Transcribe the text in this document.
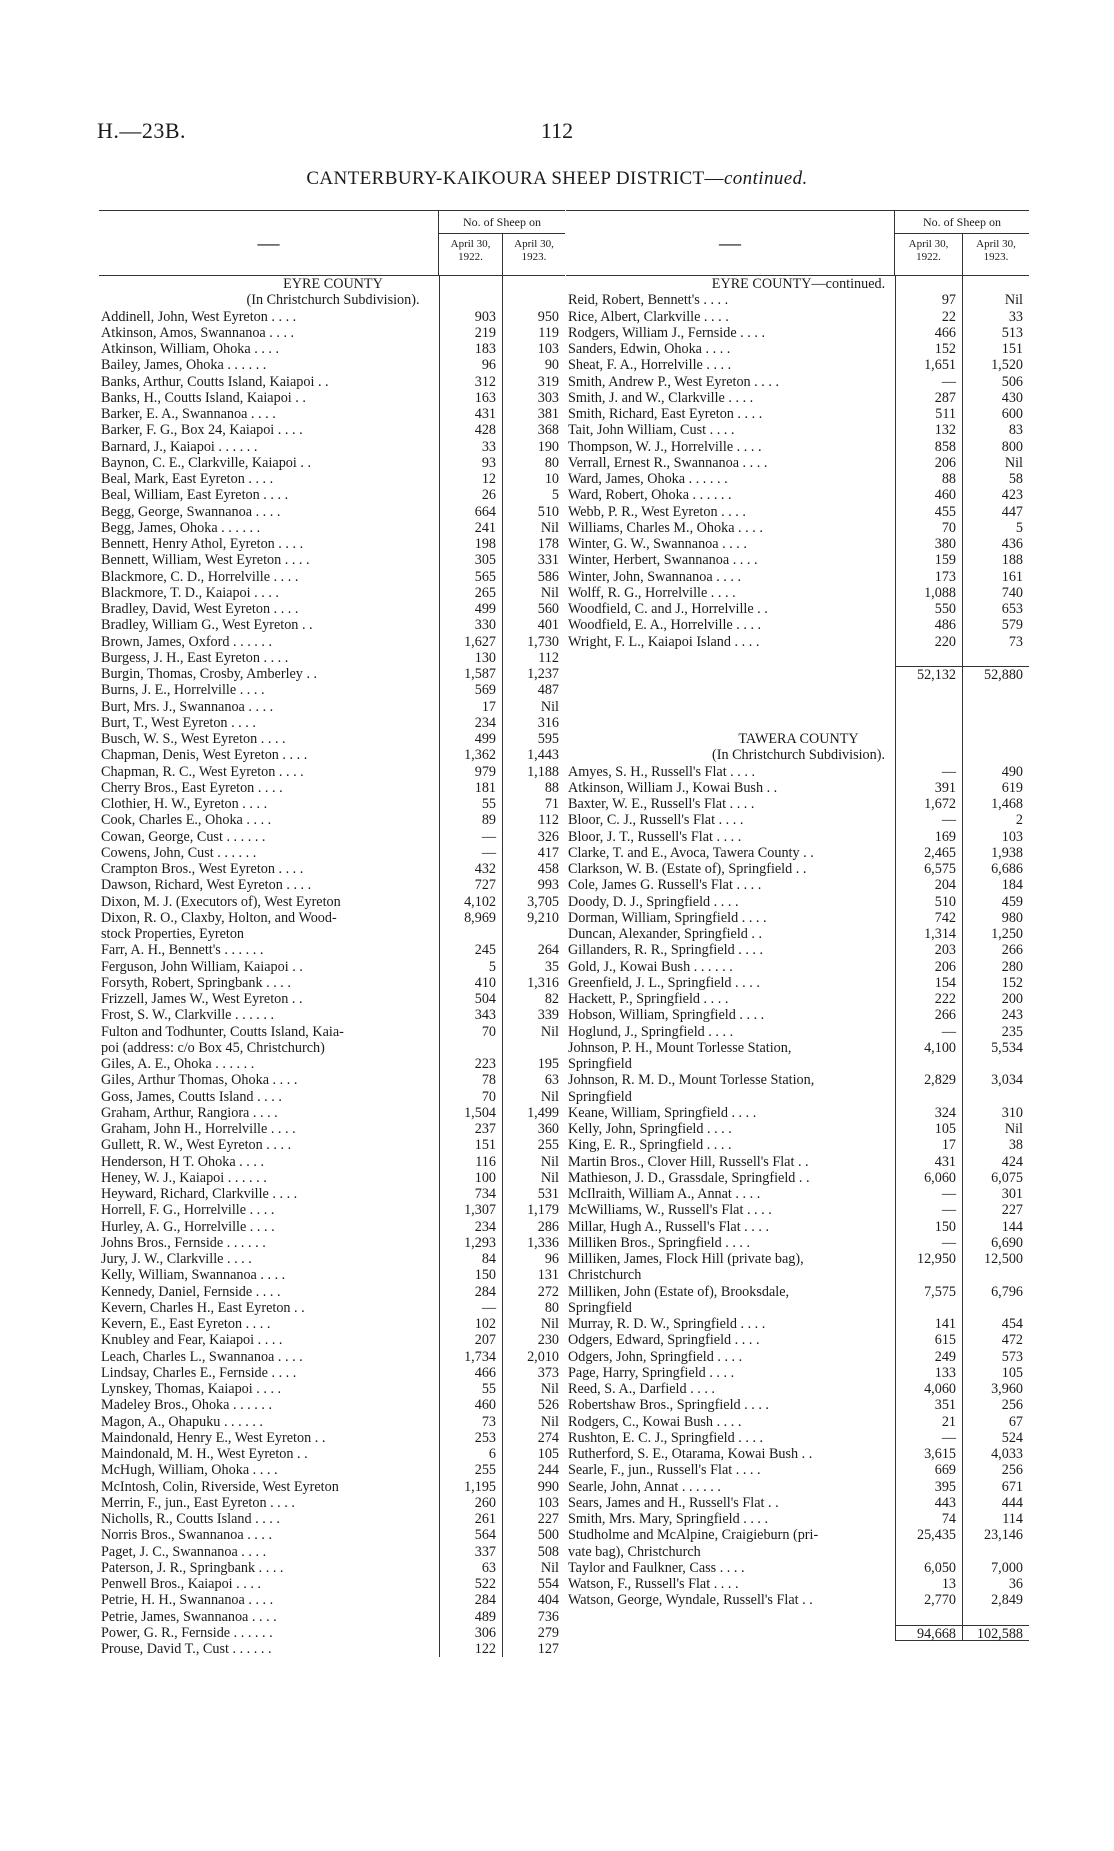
H.—23B.	112
CANTERBURY-KAIKOURA SHEEP DISTRICT—continued.
—
No. of Sheep on
April 30, 1922.
April 30, 1923.
EYRE COUNTY
(In Christchurch Subdivision).
Addinell, John, West Eyreton . . . .	903	950
Atkinson, Amos, Swannanoa . . . .	219	119
Atkinson, William, Ohoka . . . .	183	103
Bailey, James, Ohoka . . . . . .	96	90
Banks, Arthur, Coutts Island, Kaiapoi . .	312	319
Banks, H., Coutts Island, Kaiapoi . .	163	303
Barker, E. A., Swannanoa . . . .	431	381
Barker, F. G., Box 24, Kaiapoi . . . .	428	368
Barnard, J., Kaiapoi . . . . . .	33	190
Baynon, C. E., Clarkville, Kaiapoi . .	93	80
Beal, Mark, East Eyreton . . . .	12	10
Beal, William, East Eyreton . . . .	26	5
Begg, George, Swannanoa . . . .	664	510
Begg, James, Ohoka . . . . . .	241	Nil
Bennett, Henry Athol, Eyreton . . . .	198	178
Bennett, William, West Eyreton . . . .	305	331
Blackmore, C. D., Horrelville . . . .	565	586
Blackmore, T. D., Kaiapoi . . . .	265	Nil
Bradley, David, West Eyreton . . . .	499	560
Bradley, William G., West Eyreton . .	330	401
Brown, James, Oxford . . . . . .	1,627	1,730
Burgess, J. H., East Eyreton . . . .	130	112
Burgin, Thomas, Crosby, Amberley . .	1,587	1,237
Burns, J. E., Horrelville . . . .	569	487
Burt, Mrs. J., Swannanoa . . . .	17	Nil
Burt, T., West Eyreton . . . .	234	316
Busch, W. S., West Eyreton . . . .	499	595
Chapman, Denis, West Eyreton . . . .	1,362	1,443
Chapman, R. C., West Eyreton . . . .	979	1,188
Cherry Bros., East Eyreton . . . .	181	88
Clothier, H. W., Eyreton . . . .	55	71
Cook, Charles E., Ohoka . . . .	89	112
Cowan, George, Cust . . . . . .	—	326
Cowens, John, Cust . . . . . .	—	417
Crampton Bros., West Eyreton . . . .	432	458
Dawson, Richard, West Eyreton . . . .	727	993
Dixon, M. J. (Executors of), West Eyreton	4,102	3,705
Dixon, R. O., Claxby, Holton, and Wood-	8,969	9,210
stock Properties, Eyreton
Farr, A. H., Bennett's . . . . . .	245	264
Ferguson, John William, Kaiapoi . .	5	35
Forsyth, Robert, Springbank . . . .	410	1,316
Frizzell, James W., West Eyreton . .	504	82
Frost, S. W., Clarkville . . . . . .	343	339
Fulton and Todhunter, Coutts Island, Kaia-	70	Nil
poi (address: c/o Box 45, Christchurch)
Giles, A. E., Ohoka . . . . . .	223	195
Giles, Arthur Thomas, Ohoka . . . .	78	63
Goss, James, Coutts Island . . . .	70	Nil
Graham, Arthur, Rangiora . . . .	1,504	1,499
Graham, John H., Horrelville . . . .	237	360
Gullett, R. W., West Eyreton . . . .	151	255
Henderson, H T. Ohoka . . . .	116	Nil
Heney, W. J., Kaiapoi . . . . . .	100	Nil
Heyward, Richard, Clarkville . . . .	734	531
Horrell, F. G., Horrelville . . . .	1,307	1,179
Hurley, A. G., Horrelville . . . .	234	286
Johns Bros., Fernside . . . . . .	1,293	1,336
Jury, J. W., Clarkville . . . .	84	96
Kelly, William, Swannanoa . . . .	150	131
Kennedy, Daniel, Fernside . . . .	284	272
Kevern, Charles H., East Eyreton . .	—	80
Kevern, E., East Eyreton . . . .	102	Nil
Knubley and Fear, Kaiapoi . . . .	207	230
Leach, Charles L., Swannanoa . . . .	1,734	2,010
Lindsay, Charles E., Fernside . . . .	466	373
Lynskey, Thomas, Kaiapoi . . . .	55	Nil
Madeley Bros., Ohoka . . . . . .	460	526
Magon, A., Ohapuku . . . . . .	73	Nil
Maindonald, Henry E., West Eyreton . .	253	274
Maindonald, M. H., West Eyreton . .	6	105
McHugh, William, Ohoka . . . .	255	244
McIntosh, Colin, Riverside, West Eyreton	1,195	990
Merrin, F., jun., East Eyreton . . . .	260	103
Nicholls, R., Coutts Island . . . .	261	227
Norris Bros., Swannanoa . . . .	564	500
Paget, J. C., Swannanoa . . . .	337	508
Paterson, J. R., Springbank . . . .	63	Nil
Penwell Bros., Kaiapoi . . . .	522	554
Petrie, H. H., Swannanoa . . . .	284	404
Petrie, James, Swannanoa . . . .	489	736
Power, G. R., Fernside . . . . . .	306	279
Prouse, David T., Cust . . . . . .	122	127
—
No. of Sheep on
April 30, 1922.
April 30, 1923.
EYRE COUNTY—continued.
Reid, Robert, Bennett's . . . .	97	Nil
Rice, Albert, Clarkville . . . .	22	33
Rodgers, William J., Fernside . . . .	466	513
Sanders, Edwin, Ohoka . . . .	152	151
Sheat, F. A., Horrelville . . . .	1,651	1,520
Smith, Andrew P., West Eyreton . . . .	—	506
Smith, J. and W., Clarkville . . . .	287	430
Smith, Richard, East Eyreton . . . .	511	600
Tait, John William, Cust . . . .	132	83
Thompson, W. J., Horrelville . . . .	858	800
Verrall, Ernest R., Swannanoa . . . .	206	Nil
Ward, James, Ohoka . . . . . .	88	58
Ward, Robert, Ohoka . . . . . .	460	423
Webb, P. R., West Eyreton . . . .	455	447
Williams, Charles M., Ohoka . . . .	70	5
Winter, G. W., Swannanoa . . . .	380	436
Winter, Herbert, Swannanoa . . . .	159	188
Winter, John, Swannanoa . . . .	173	161
Wolff, R. G., Horrelville . . . .	1,088	740
Woodfield, C. and J., Horrelville . .	550	653
Woodfield, E. A., Horrelville . . . .	486	579
Wright, F. L., Kaiapoi Island . . . .	220	73
52,132	52,880
TAWERA COUNTY
(In Christchurch Subdivision).
Amyes, S. H., Russell's Flat . . . .	—	490
Atkinson, William J., Kowai Bush . .	391	619
Baxter, W. E., Russell's Flat . . . .	1,672	1,468
Bloor, C. J., Russell's Flat . . . .	—	2
Bloor, J. T., Russell's Flat . . . .	169	103
Clarke, T. and E., Avoca, Tawera County . .	2,465	1,938
Clarkson, W. B. (Estate of), Springfield . .	6,575	6,686
Cole, James G. Russell's Flat . . . .	204	184
Doody, D. J., Springfield . . . .	510	459
Dorman, William, Springfield . . . .	742	980
Duncan, Alexander, Springfield . .	1,314	1,250
Gillanders, R. R., Springfield . . . .	203	266
Gold, J., Kowai Bush . . . . . .	206	280
Greenfield, J. L., Springfield . . . .	154	152
Hackett, P., Springfield . . . .	222	200
Hobson, William, Springfield . . . .	266	243
Hoglund, J., Springfield . . . .	—	235
Johnson, P. H., Mount Torlesse Station,	4,100	5,534
Springfield
Johnson, R. M. D., Mount Torlesse Station,	2,829	3,034
Springfield
Keane, William, Springfield . . . .	324	310
Kelly, John, Springfield . . . .	105	Nil
King, E. R., Springfield . . . .	17	38
Martin Bros., Clover Hill, Russell's Flat . .	431	424
Mathieson, J. D., Grassdale, Springfield . .	6,060	6,075
McIlraith, William A., Annat . . . .	—	301
McWilliams, W., Russell's Flat . . . .	—	227
Millar, Hugh A., Russell's Flat . . . .	150	144
Milliken Bros., Springfield . . . .	—	6,690
Milliken, James, Flock Hill (private bag),	12,950	12,500
Christchurch
Milliken, John (Estate of), Brooksdale,	7,575	6,796
Springfield
Murray, R. D. W., Springfield . . . .	141	454
Odgers, Edward, Springfield . . . .	615	472
Odgers, John, Springfield . . . .	249	573
Page, Harry, Springfield . . . .	133	105
Reed, S. A., Darfield . . . .	4,060	3,960
Robertshaw Bros., Springfield . . . .	351	256
Rodgers, C., Kowai Bush . . . .	21	67
Rushton, E. C. J., Springfield . . . .	—	524
Rutherford, S. E., Otarama, Kowai Bush . .	3,615	4,033
Searle, F., jun., Russell's Flat . . . .	669	256
Searle, John, Annat . . . . . .	395	671
Sears, James and H., Russell's Flat . .	443	444
Smith, Mrs. Mary, Springfield . . . .	74	114
Studholme and McAlpine, Craigieburn (pri-	25,435	23,146
vate bag), Christchurch
Taylor and Faulkner, Cass . . . .	6,050	7,000
Watson, F., Russell's Flat . . . .	13	36
Watson, George, Wyndale, Russell's Flat . .	2,770	2,849
94,668	102,588
